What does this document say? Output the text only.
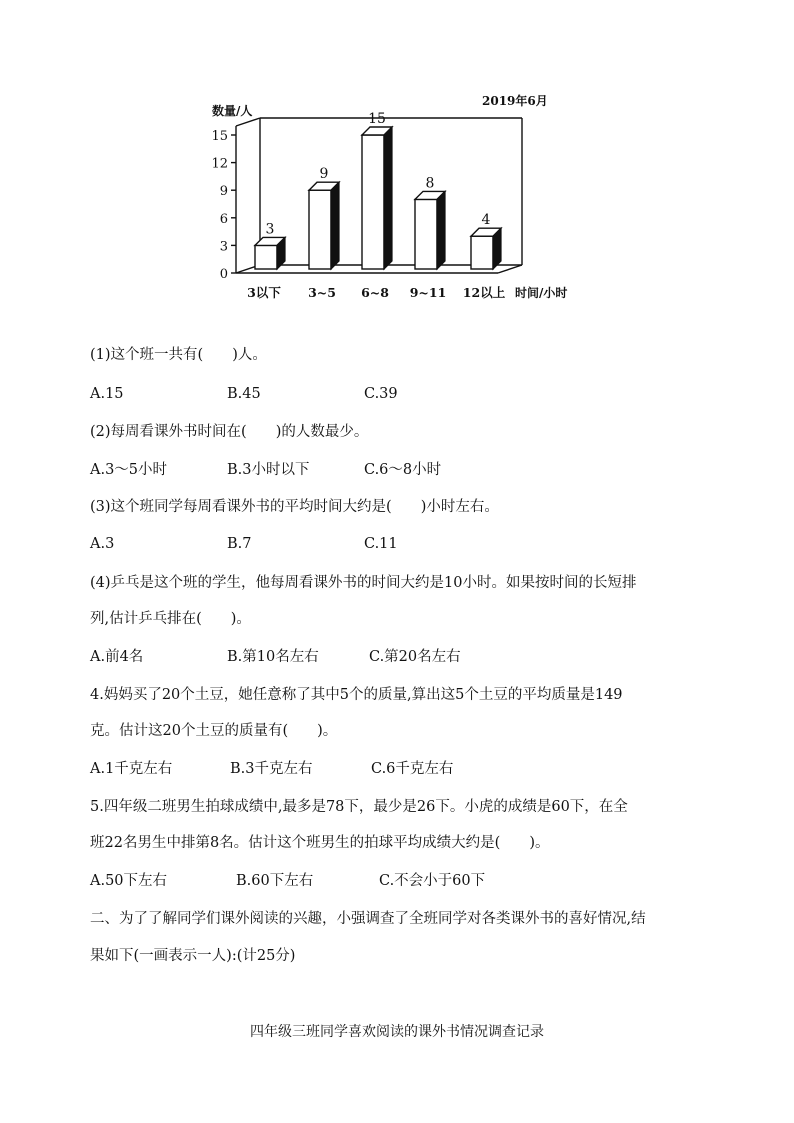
2019年6月
数量/人
时间/小时
0
3
6
9
12
15
3
9
15
8
4
3以下 3~5 6~8 9~11 12以上

(1)这个班一共有(　　)人。

A.15

	B.45

	C.39

(2)每周看课外书时间在(　　)的人数最少。

A.3～5小时

	B.3小时以下

	C.6～8小时

(3)这个班同学每周看课外书的平均时间大约是(　　)小时左右。

A.3

	B.7

	C.11

(4)乒乓是这个班的学生，他每周看课外书的时间大约是10小时。如果按时间的长短排

列,估计乒乓排在(　　)。

A.前4名

	B.第10名左右

	C.第20名左右

4.妈妈买了20个土豆，她任意称了其中5个的质量,算出这5个土豆的平均质量是149

克。估计这20个土豆的质量有(　　)。

A.1千克左右

	B.3千克左右

	C.6千克左右

5.四年级二班男生拍球成绩中,最多是78下，最少是26下。小虎的成绩是60下，在全

班22名男生中排第8名。估计这个班男生的拍球平均成绩大约是(　　)。

A.50下左右

	B.60下左右

	C.不会小于60下

二、为了了解同学们课外阅读的兴趣，小强调查了全班同学对各类课外书的喜好情况,结

果如下(一画表示一人):(计25分)

四年级三班同学喜欢阅读的课外书情况调查记录
